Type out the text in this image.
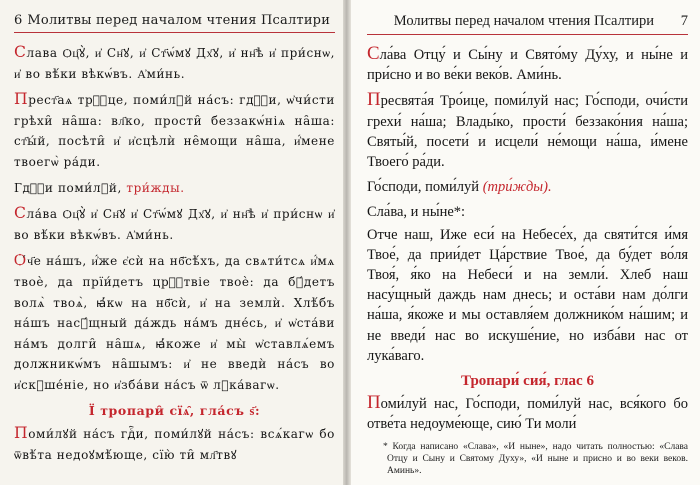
6 Молитвы перед началом чтения Псалтири

Слава Ѻц҃ꙋ̀, и҆ Сн҃ꙋ, и҆ Ст҃ѡ́мꙋ Дх҃ꙋ, и҆ нн҃ѣ и҆ при́снѡ, и҆ во вѣ́ки вѣкѡ́въ. А҆ми́нь.

Прест҃аѧ трⷪ҇це, поми́лꙋй на́съ: гдⷭ҇и, ѡ҆чи́сти грѣхи̑ на̑ша: вл҃ко, прости̑ беззакѡ́ніѧ на̑ша: ст҃ы́й, посѣти̑ и҆ и҆сцѣлѝ не̑мощи на̑ша, и҆́мене твоегѡ̀ ра́ди.

Гдⷭ҇и поми́лꙋй, три́жды.

Сла́ва Ѻц҃ꙋ̀ и҆ Сн҃ꙋ и҆ Ст҃ѡ́мꙋ Дх҃ꙋ, и҆ нн҃ѣ и҆ при́снѡ и҆ во вѣ́ки вѣкѡ́въ. А҆ми́нь.

Ѻ́ч҃е на́шъ, и҆́же є҆сѝ на нб҃сѣ́хъ, да свѧти́тсѧ и҆́мѧ твоѐ, да прїи́детъ црⷭ҇твіе твоѐ: да бꙋ́детъ волѧ̀ твоѧ̀, ꙗ҆́кѡ на нб҃сѝ, и҆ на землѝ. Хлѣ́бъ на́шъ насꙋ́щный да́ждь на́мъ дне́сь, и҆ ѡ҆ста́ви на́мъ долги̑ на̑шѧ, ꙗ҆́коже и҆ мы̀ ѡ҆ставлѧ́емъ должникѡ́мъ на̑шымъ: и҆ не введѝ на́съ во и҆скꙋше́ніе, но и҆зба́ви на́съ ѿ лꙋка́вагѡ.

Ї тропари̑ сїѧ̑, гла́съ ѕ҃:

Поми́лꙋй на́съ гдⷭ҇и, поми́лꙋй на́съ: всѧ́кагѡ бо ѿвѣ́та недоꙋмѣ́юще, сїю̀ ти̑ мл҃твꙋ

Молитвы перед началом чтения Псалтири	7

Сла́ва Отцу́ и Сы́ну и Свято́му Ду́ху, и ны́не и при́сно и во ве́ки веко́в. Ами́нь.

Пресвята́я Тро́ице, поми́луй нас; Го́споди, очи́сти грехи́ на́ша; Влады́ко, прости́ беззако́ния на́ша; Святы́й, посети́ и исцели́ не́мощи на́ша, и́мене Твоего́ ра́ди.

Го́споди, поми́луй (три́жды).

Сла́ва, и ны́не*:

Отче наш, Иже еси́ на Небесе́х, да святи́тся и́мя Твое́, да прии́дет Ца́рствие Твое́, да бу́дет во́ля Твоя́, я́ко на Небеси́ и на земли́. Хлеб наш насу́щный даждь нам днесь; и оста́ви нам до́лги на́ша, я́коже и мы оставля́ем должнико́м на́шим; и не введи́ нас во искуше́ние, но изба́ви нас от лука́ваго.

Тропари́ сия́, глас 6

Поми́луй нас, Го́споди, поми́луй нас, вся́кого бо отве́та недоуме́юще, сию́ Ти моли́

* Когда написано «Слава», «И нынe», надо читать полностью: «Слава Отцу и Сыну и Святому Духу», «И ныне и присно и во веки веков. Аминь».
